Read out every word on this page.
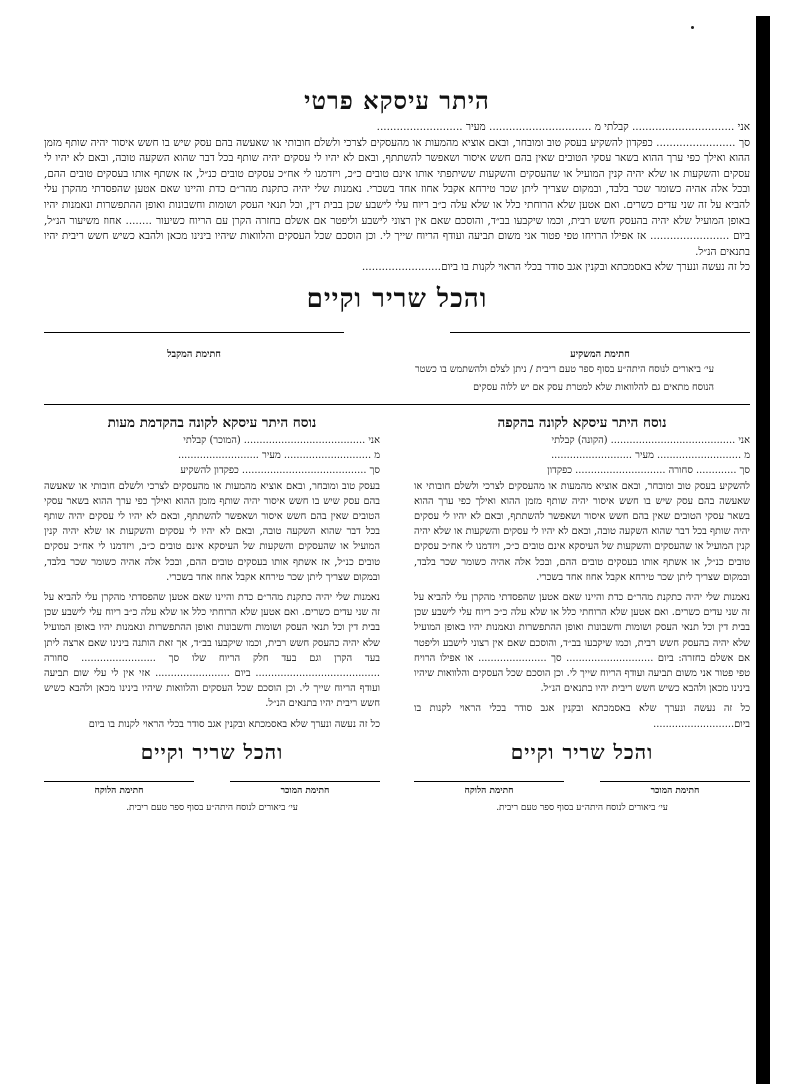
היתר עיסקא פרטי

אני ............................... קבלתי מ ............................... מעיר ..........................

סך ........................ כפקדון להשקיע בעסק טוב ומובחר, ובאם אוציא מהמעות או מהעסקים לצרכי ולשלם חובותי או שאעשה בהם עסק שיש בו חשש איסור יהיה שותף מזמן ההוא ואילך כפי ערך ההוא בשאר עסקי הטובים שאין בהם חשש איסור ושאפשר להשתתף, ובאם לא יהיו לי עסקים יהיה שותף בכל דבר שהוא השקעה טובה, ובאם לא יהיו לי עסקים והשקעות או שלא יהיה קנין המועיל או שהעסקים והשקעות ששיתפתי אותו אינם טובים כ״כ, ויזדמנו לי אח״כ עסקים טובים כנ״ל, אז אשתף אותו בעסקים טובים ההם, ובכל אלה אהיה כשומר שכר בלבד, ובמקום שצריך ליתן שכר טירחא אקבל אחוז אחד בשכרי. נאמנות שלי יהיה כתקנת מהר״ם כדת והיינו שאם אטען שהפסדתי מהקרן עלי להביא על זה שני עדים כשרים. ואם אטען שלא הרוחתי כלל או שלא עלה כ״ב ריוח עלי לישבע שכן בבית דין, וכל תנאי העסק ושומות וחשבונות ואופן ההתפשרות ונאמנות יהיו באופן המועיל שלא יהיה בהעסק חשש רבית, וכמו שיקבעו בב״ד, והוסכם שאם אין רצוני לישבע וליפטר אם אשלם בחזרה הקרן עם הריוח כשיעור ........ אחוז משיעור הנ״ל, ביום ........................ אז אפילו הרויחו טפי פטור אני משום תביעה ועודף הריוח שייך לי. וכן הוסכם שכל העסקים והלוואות שיהיו בינינו מכאן ולהבא כשיש חשש ריבית יהיו בתנאים הנ״ל.

כל זה נעשה ונערך שלא באסמכתא ובקנין אגב סודר בכלי הראוי לקנות בו ביום........................

והכל שריר וקיים
חתימת המשקיע
חתימת המקבל
עי׳ ביאורים לנוסח היתה״ע בסוף ספר טעם ריבית / ניתן לצלם ולהשתמש בו כשטר
הנוסח מתאים גם להלוואות שלא למטרת עסק אם יש ללוה עסקים
נוסח היתר עיסקא לקונה בהקפה

אני ........................................ (הקונה) קבלתי

מ ........................... מעיר ..........................

סך ............. סחורה ............................. כפקדון

להשקיע בעסק טוב ומובחר, ובאם אוציא מהמעות או מהעסקים לצרכי ולשלם חובותי או שאעשה בהם עסק שיש בו חשש איסור יהיה שותף מזמן ההוא ואילך כפי ערך ההוא בשאר עסקי הטובים שאין בהם חשש איסור ושאפשר להשתתף, ובאם לא יהיו לי עסקים יהיה שותף בכל דבר שהוא השקעה טובה, ובאם לא יהיו לי עסקים והשקעות או שלא יהיה קנין המועיל או שהעסקים והשקעות של העיסקא אינם טובים כ״כ, ויזדמנו לי אח״כ עסקים טובים כנ״ל, או אשתף אותו בעסקים טובים ההם, ובכל אלה אהיה כשומר שכר בלבד, ובמקום שצריך ליתן שכר טירחא אקבל אחוז אחד בשכרי.

נאמנות שלי יהיה כתקנת מהר״ם כדת והיינו שאם אטען שהפסדתי מהקרן עלי להביא על זה שני עדים כשרים. ואם אטען שלא הרוחתי כלל או שלא עלה כ״כ ריוח עלי לישבע שכן בבית דין וכל תנאי העסק ושומות וחשבונות ואופן ההתפשרות ונאמנות יהיו באופן המועיל שלא יהיה בהעסק חשש רבית, וכמו שיקבעו בב״ד, והוסכם שאם אין רצוני לישבע וליפטר אם אשלם בחזרה: ביום ............................ סך ...................... או אפילו הרויח טפי פטור אני משום תביעה ועודף הריוח שייך לי. וכן הוסכם שכל העסקים והלוואות שיהיו בינינו מכאן ולהבא כשיש חשש ריבית יהיו בתנאים הנ״ל.

כל זה נעשה ונערך שלא באסמכתא ובקנין אגב סודר בכלי הראוי לקנות בו ביום..........................

והכל שריר וקיים
חתימת המוכר
חתימת הלוקח
עי׳ ביאורים לנוסח היתה״ע בסוף ספר טעם ריבית.
נוסח היתר עיסקא לקונה בהקדמת מעות

אני ....................................... (המוכר) קבלתי

מ ............................ מעיר ..........................

סך ........................................ כפקדון להשקיע

בעסק טוב ומובחר, ובאם אוציא מהמעות או מהעסקים לצרכי ולשלם חובותי או שאעשה בהם עסק שיש בו חשש איסור יהיה שותף מזמן ההוא ואילך כפי ערך ההוא בשאר עסקי הטובים שאין בהם חשש איסור ושאפשר להשתתף, ובאם לא יהיו לי עסקים יהיה שותף בכל דבר שהוא השקעה טובה, ובאם לא יהיו לי עסקים והשקעות או שלא יהיה קנין המועיל או שהעסקים והשקעות של העיסקא אינם טובים כ״ב, ויזדמנו לי אח״כ עסקים טובים כנ״ל, אז אשתף אותו בעסקים טובים ההם, ובכל אלה אהיה כשומר שכר בלבד, ובמקום שצריך ליתן שכר טירחא אקבל אחוז אחד בשכרי.

נאמנות שלי יהיה כתקנת מהר״ם כדת והיינו שאם אטען שהפסדתי מהקרן עלי להביא על זה שני עדים כשרים. ואם אטען שלא הרוחתי כלל או שלא עלה כ״ב ריוח עלי לישבע שכן בבית דין וכל תנאי העסק ושומות וחשבונות ואופן ההתפשרות ונאמנות יהיו באופן המועיל שלא יהיה כהעסק חשש רבית, וכמו שיקבעו בב״ד, אך זאת הותנה בינינו שאם ארצה ליתן בעד הקרן וגם בעד חלק הריוח שלו סך ........................ סחורה ........................................ ביום ........................ אזי אין לי עלי שום תביעה ועודף הריוח שייך לי. וכן הוסכם שכל העסקים והלוואות שיהיו בינינו מכאן ולהבא כשיש חשש ריבית יהיו בתנאים הנ״ל.

כל זה נעשה ונערך שלא באסמכתא ובקנין אגב סודר בכלי הראוי לקנות בו ביום

והכל שריר וקיים
חתימת המוכר
חתימת הלוקח
עי׳ ביאורים לנוסח היתה״ע בסוף ספר טעם ריבית.
